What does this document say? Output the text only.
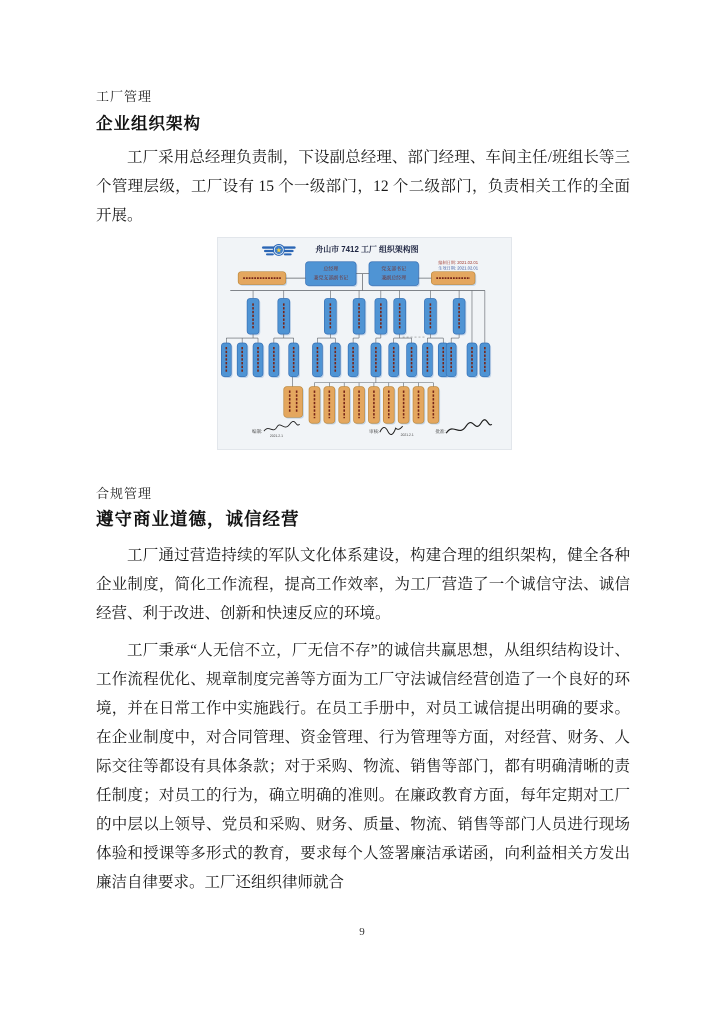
工厂管理
企业组织架构

工厂采用总经理负责制，下设副总经理、部门经理、车间主任/班组长等三个管理层级，工厂设有 15 个一级部门，12 个二级部门，负责相关工作的全面开展。

★	舟山市 7412 工厂 组织架构图
编制日期: 2021.02.01
生效日期: 2021.02.01
总经理
兼党支部副书记
党支部书记
兼副总经理
编制:	审核:	批准:
2021.2.1	2021.2.1
合规管理
遵守商业道德，诚信经营

工厂通过营造持续的军队文化体系建设，构建合理的组织架构，健全各种企业制度，简化工作流程，提高工作效率，为工厂营造了一个诚信守法、诚信经营、利于改进、创新和快速反应的环境。

工厂秉承“人无信不立，厂无信不存”的诚信共赢思想，从组织结构设计、工作流程优化、规章制度完善等方面为工厂守法诚信经营创造了一个良好的环境，并在日常工作中实施践行。在员工手册中，对员工诚信提出明确的要求。在企业制度中，对合同管理、资金管理、行为管理等方面，对经营、财务、人际交往等都设有具体条款；对于采购、物流、销售等部门，都有明确清晰的责任制度；对员工的行为，确立明确的准则。在廉政教育方面，每年定期对工厂的中层以上领导、党员和采购、财务、质量、物流、销售等部门人员进行现场体验和授课等多形式的教育，要求每个人签署廉洁承诺函，向利益相关方发出廉洁自律要求。工厂还组织律师就合

9
